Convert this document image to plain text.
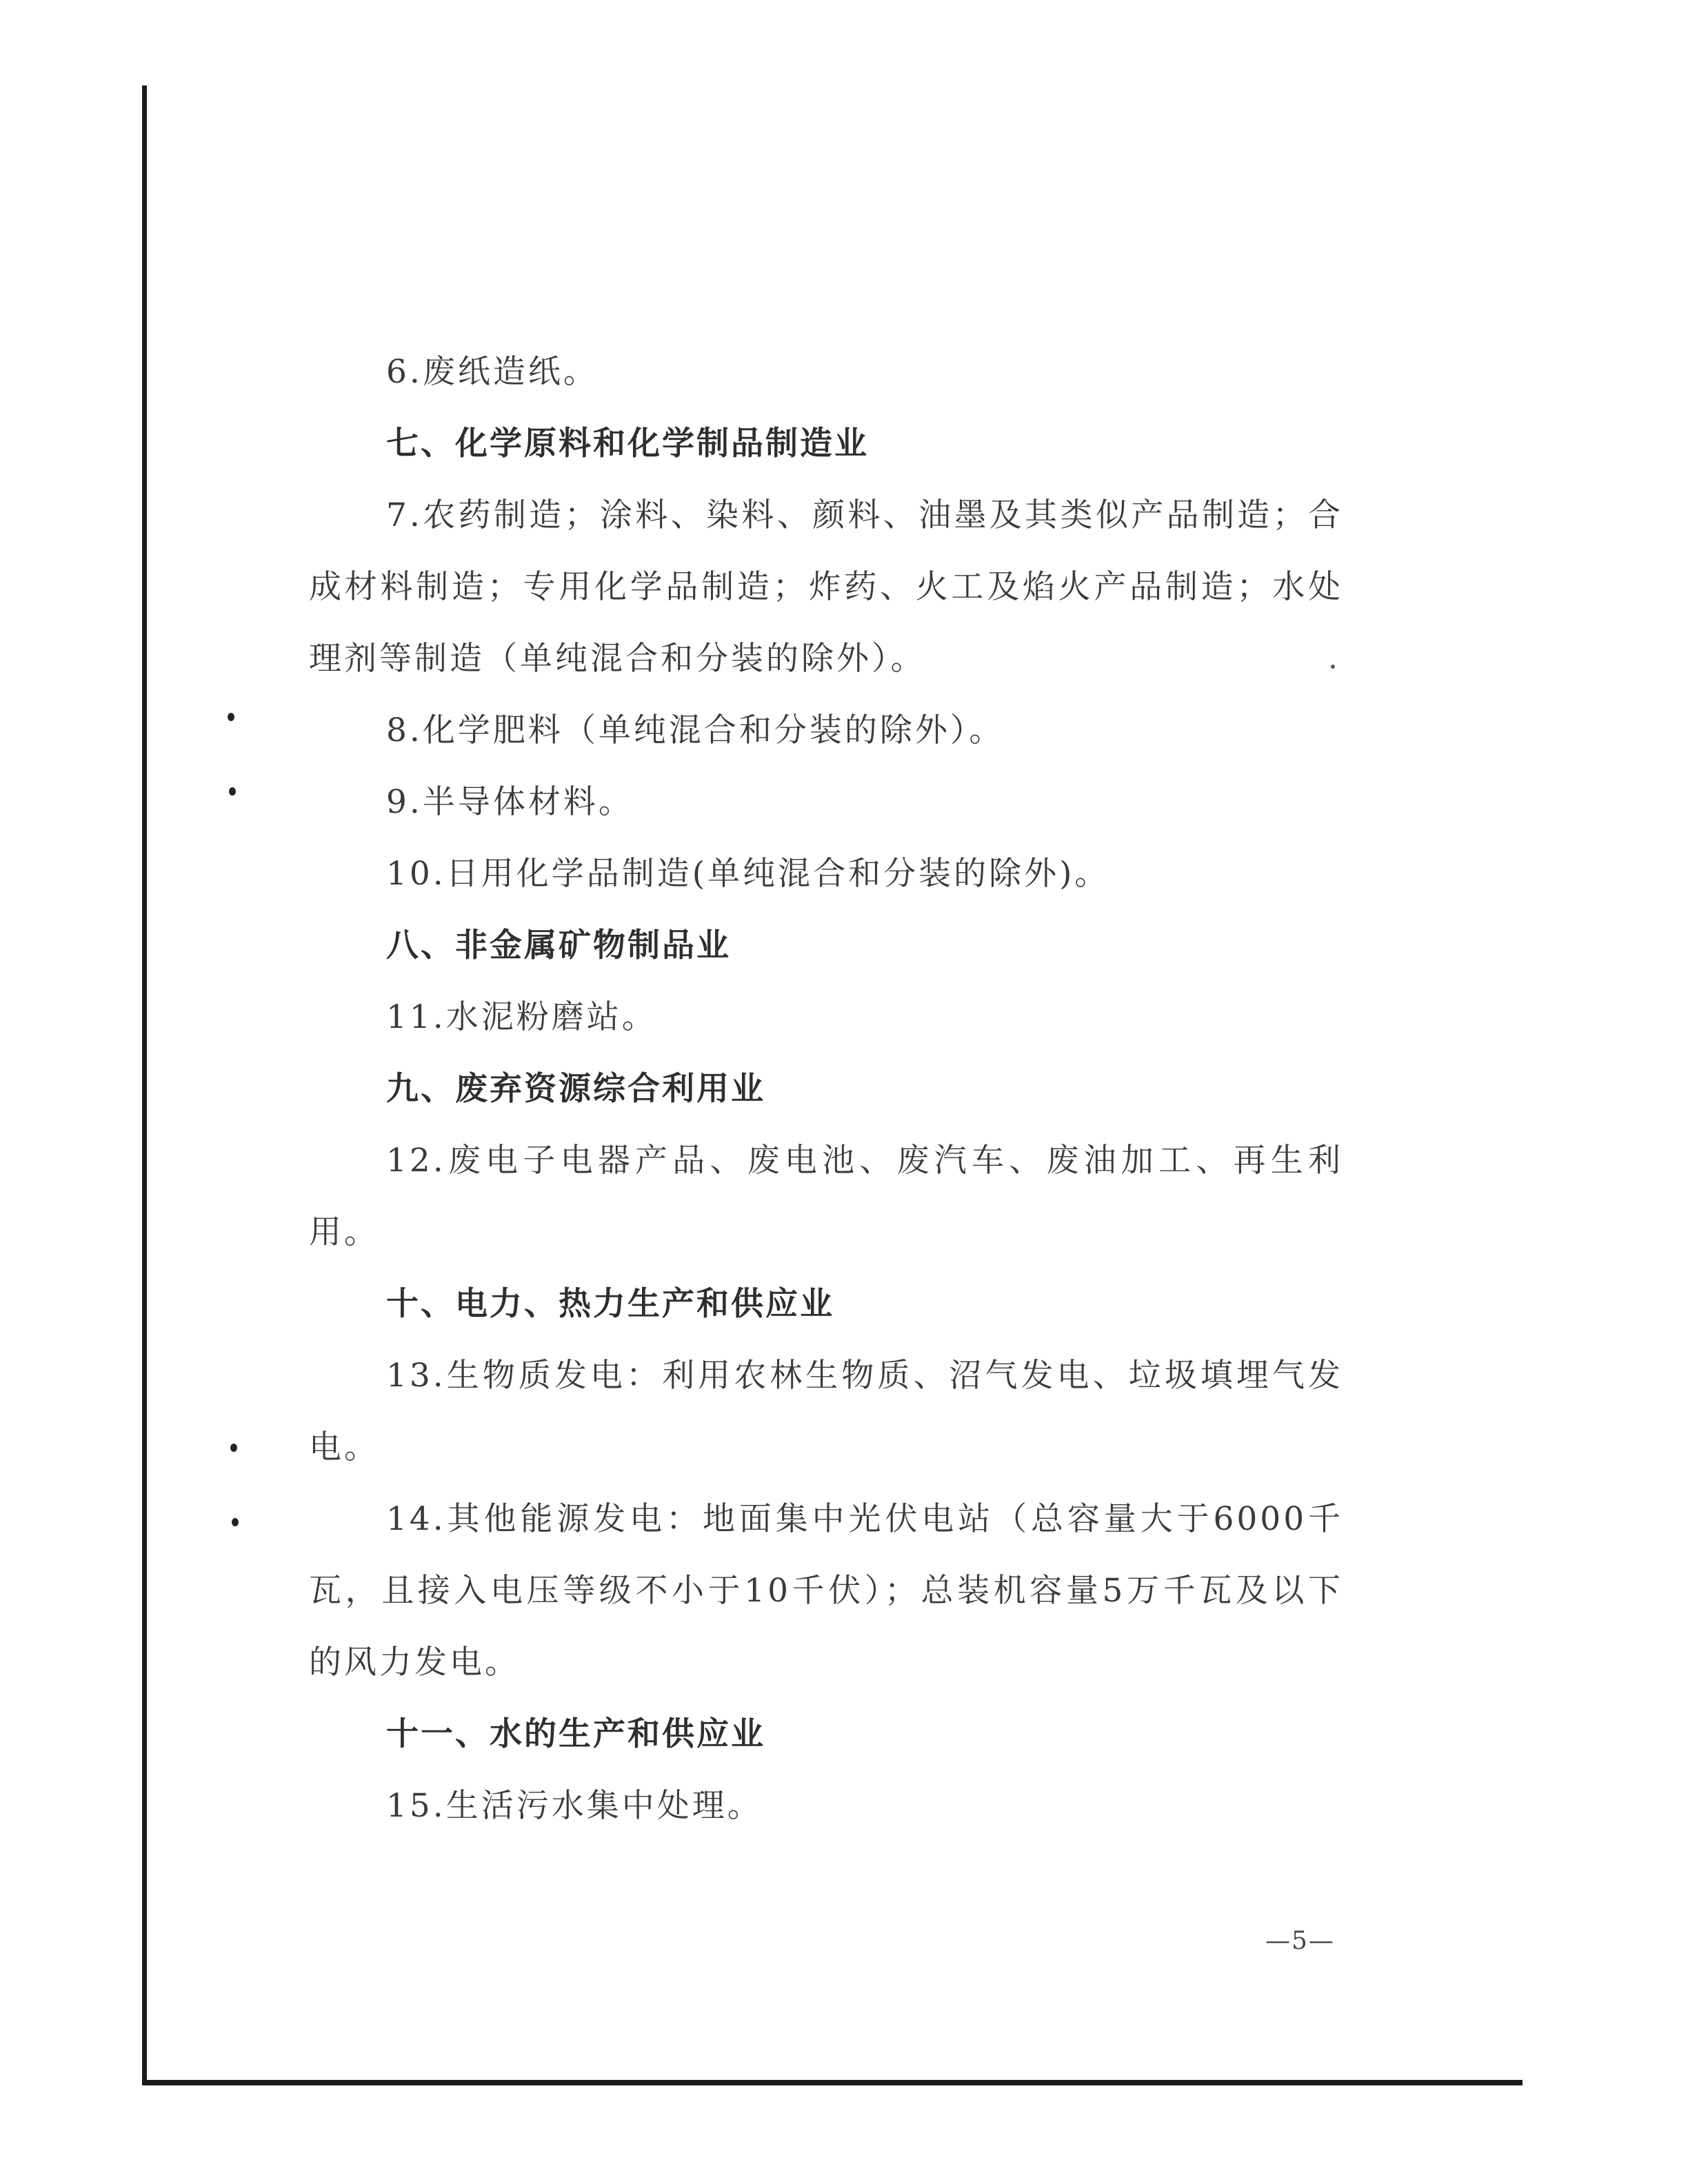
6.废纸造纸。

七、化学原料和化学制品制造业

7.农药制造；涂料、染料、颜料、油墨及其类似产品制造；合成材料制造；专用化学品制造；炸药、火工及焰火产品制造；水处理剂等制造（单纯混合和分装的除外）。

8.化学肥料（单纯混合和分装的除外）。

9.半导体材料。

10.日用化学品制造(单纯混合和分装的除外)。

八、非金属矿物制品业

11.水泥粉磨站。

九、废弃资源综合利用业

12.废电子电器产品、废电池、废汽车、废油加工、再生利用。

十、电力、热力生产和供应业

13.生物质发电：利用农林生物质、沼气发电、垃圾填埋气发电。

14.其他能源发电：地面集中光伏电站（总容量大于6000千瓦，且接入电压等级不小于10千伏）；总装机容量5万千瓦及以下的风力发电。

十一、水的生产和供应业

15.生活污水集中处理。

—5—
